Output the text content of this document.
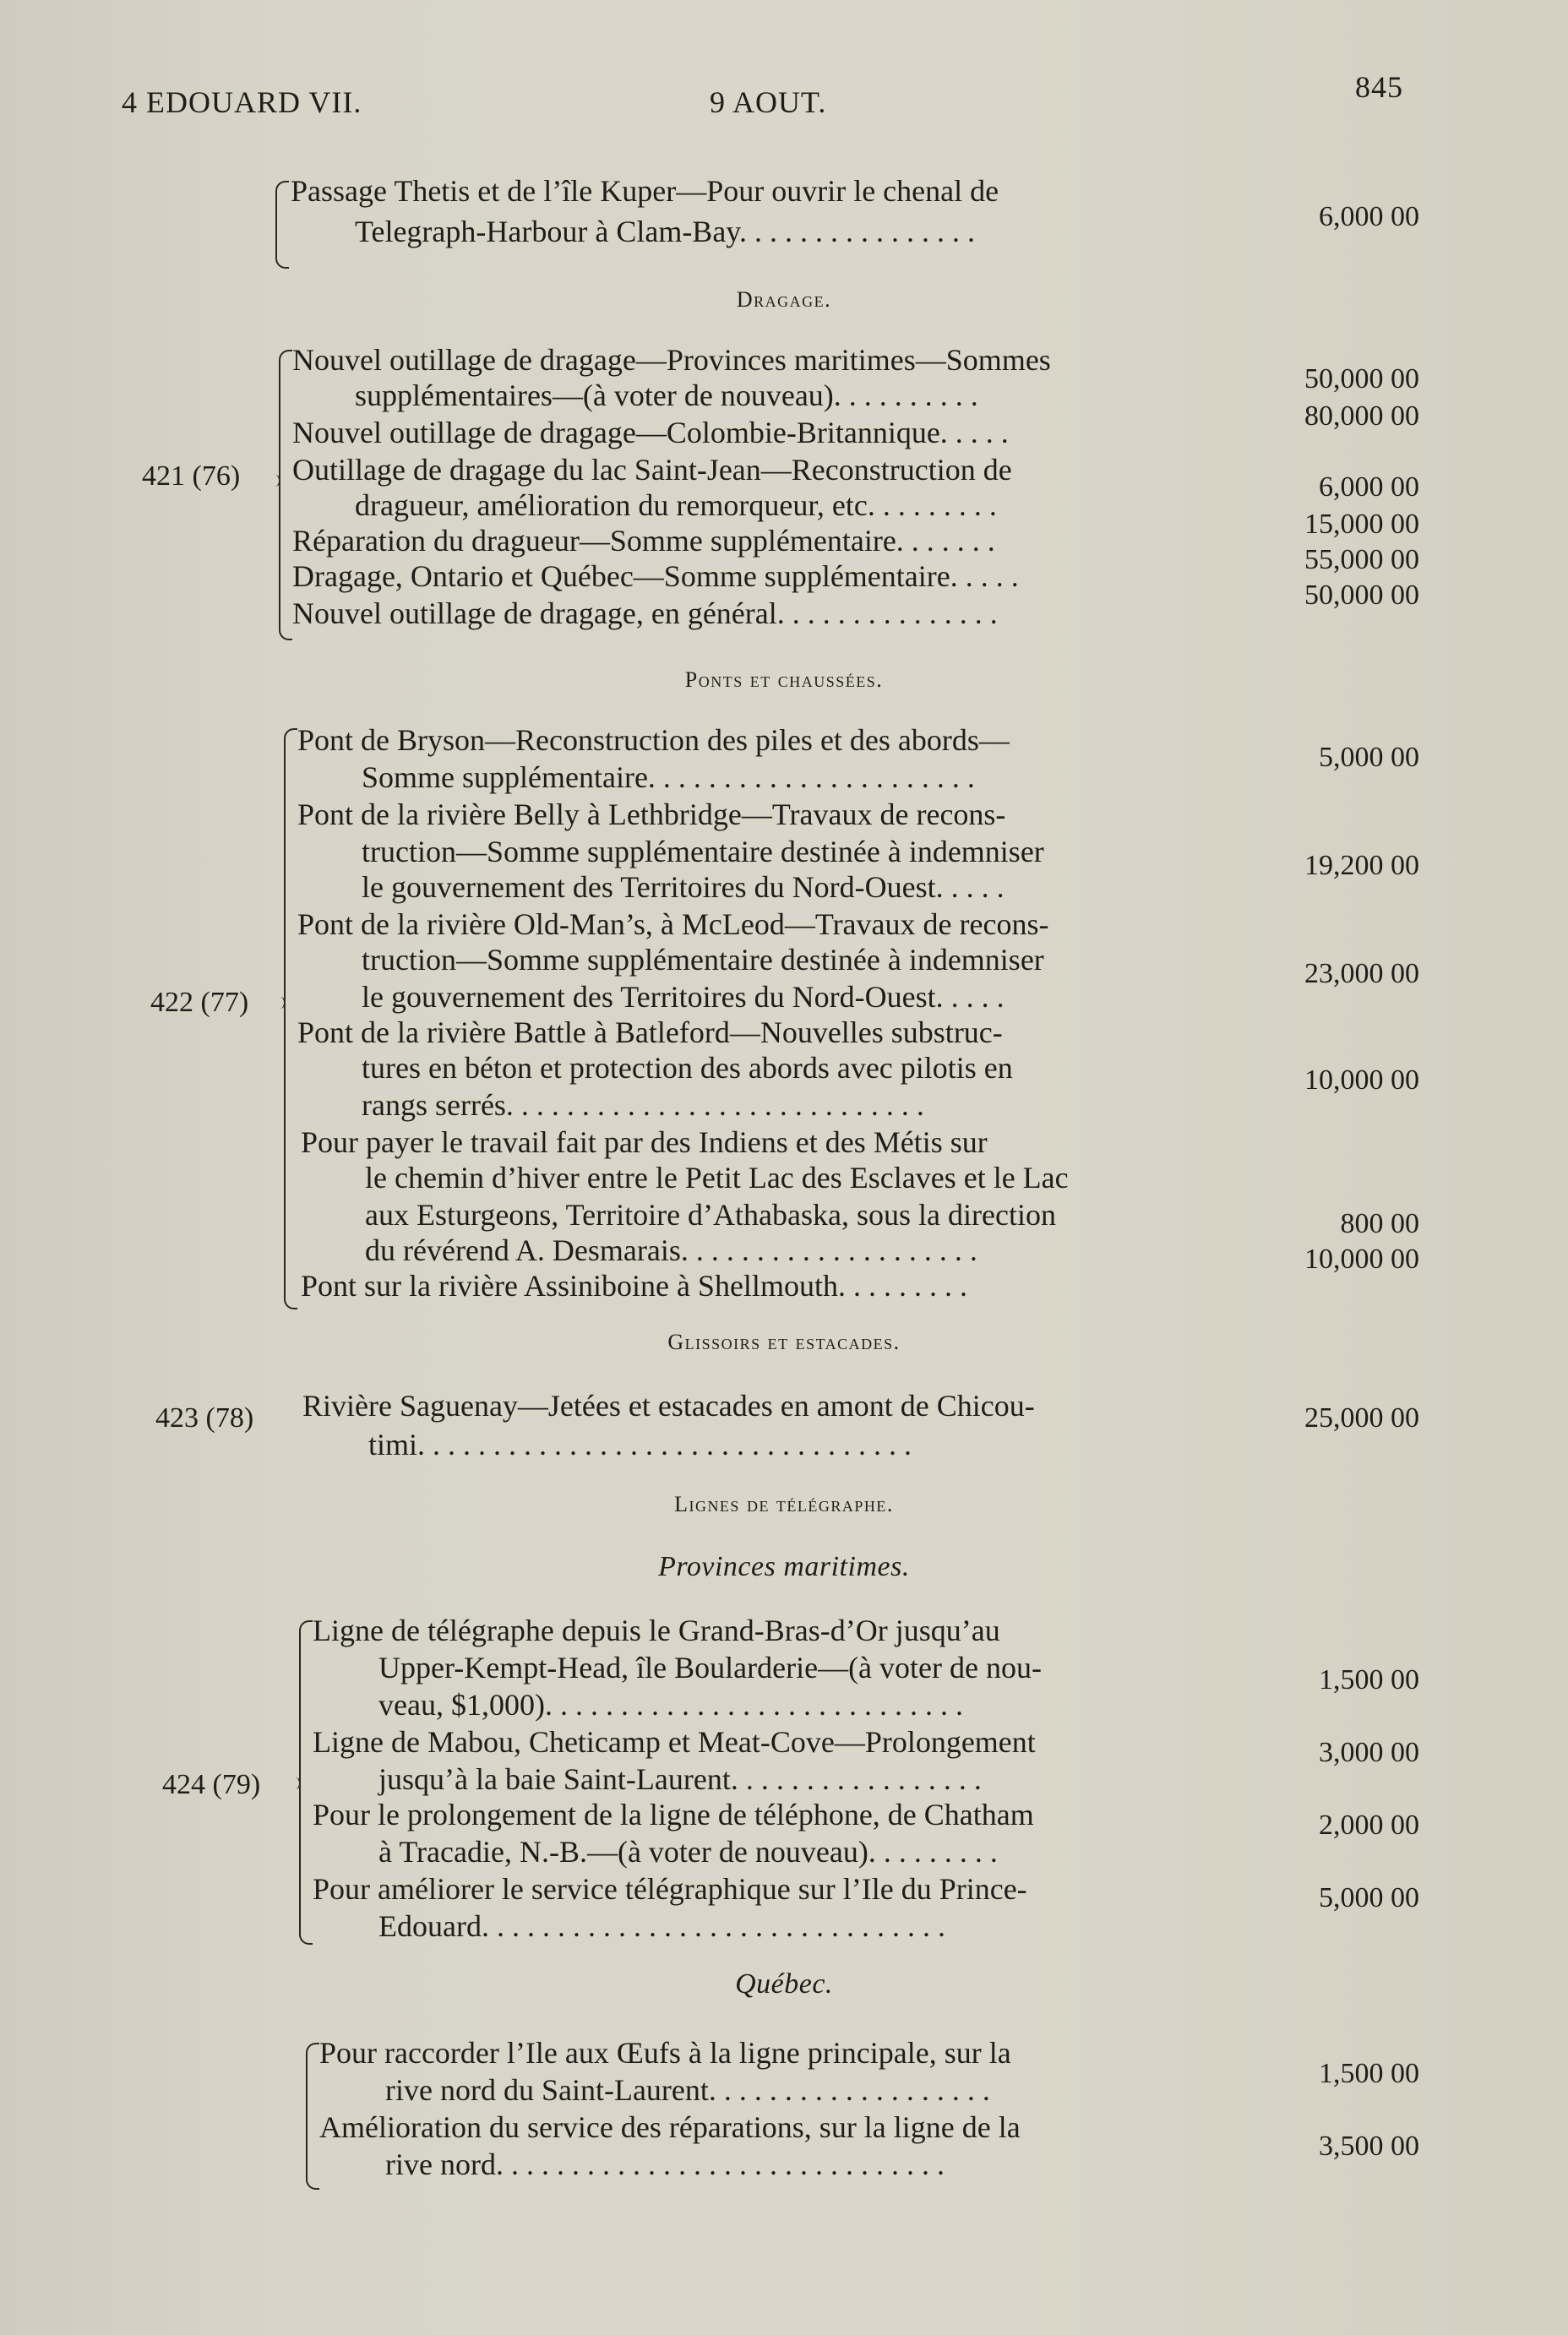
4 EDOUARD VII.	9 AOUT.	845
Passage Thetis et de l’île Kuper—Pour ouvrir le chenal de
Telegraph-Harbour à Clam-Bay. . . . . . . . . . . . . . . .	6,000 00
Dragage.
421 (76)
Nouvel outillage de dragage—Provinces maritimes—Sommes
supplémentaires—(à voter de nouveau). . . . . . . . . .	50,000 00
Nouvel outillage de dragage—Colombie-Britannique. . . . .	80,000 00
Outillage de dragage du lac Saint-Jean—Reconstruction de
dragueur, amélioration du remorqueur, etc. . . . . . . . .
6,000 00
Réparation du dragueur—Somme supplémentaire. . . . . . .	15,000 00
Dragage, Ontario et Québec—Somme supplémentaire. . . . .	55,000 00
Nouvel outillage de dragage, en général. . . . . . . . . . . . . . .
50,000 00
Ponts et chaussées.
422 (77)
Pont de Bryson—Reconstruction des piles et des abords—
Somme supplémentaire. . . . . . . . . . . . . . . . . . . . . .
5,000 00
Pont de la rivière Belly à Lethbridge—Travaux de recons-
truction—Somme supplémentaire destinée à indemniser
le gouvernement des Territoires du Nord-Ouest. . . . .
19,200 00
Pont de la rivière Old-Man’s, à McLeod—Travaux de recons-
truction—Somme supplémentaire destinée à indemniser
le gouvernement des Territoires du Nord-Ouest. . . . .
23,000 00
Pont de la rivière Battle à Batleford—Nouvelles substruc-
tures en béton et protection des abords avec pilotis en
rangs serrés. . . . . . . . . . . . . . . . . . . . . . . . . . . .
10,000 00
Pour payer le travail fait par des Indiens et des Métis sur
le chemin d’hiver entre le Petit Lac des Esclaves et le Lac
aux Esturgeons, Territoire d’Athabaska, sous la direction
du révérend A. Desmarais. . . . . . . . . . . . . . . . . . . .
800 00
Pont sur la rivière Assiniboine à Shellmouth. . . . . . . . .
10,000 00
Glissoirs et estacades.
423 (78) Rivière Saguenay—Jetées et estacades en amont de Chicou-
timi. . . . . . . . . . . . . . . . . . . . . . . . . . . . . . . . .
25,000 00
Lignes de télégraphe.
Provinces maritimes.
424 (79)
Ligne de télégraphe depuis le Grand-Bras-d’Or jusqu’au
Upper-Kempt-Head, île Boularderie—(à voter de nou-
veau, $1,000). . . . . . . . . . . . . . . . . . . . . . . . . . . .
1,500 00
Ligne de Mabou, Cheticamp et Meat-Cove—Prolongement
jusqu’à la baie Saint-Laurent. . . . . . . . . . . . . . . . .
3,000 00
Pour le prolongement de la ligne de téléphone, de Chatham
à Tracadie, N.-B.—(à voter de nouveau). . . . . . . . .
2,000 00
Pour améliorer le service télégraphique sur l’Ile du Prince-
Edouard. . . . . . . . . . . . . . . . . . . . . . . . . . . . . . .
5,000 00
Québec.
Pour raccorder l’Ile aux Œufs à la ligne principale, sur la
rive nord du Saint-Laurent. . . . . . . . . . . . . . . . . . .	1,500 00
Amélioration du service des réparations, sur la ligne de la
rive nord. . . . . . . . . . . . . . . . . . . . . . . . . . . . . .
3,500 00
